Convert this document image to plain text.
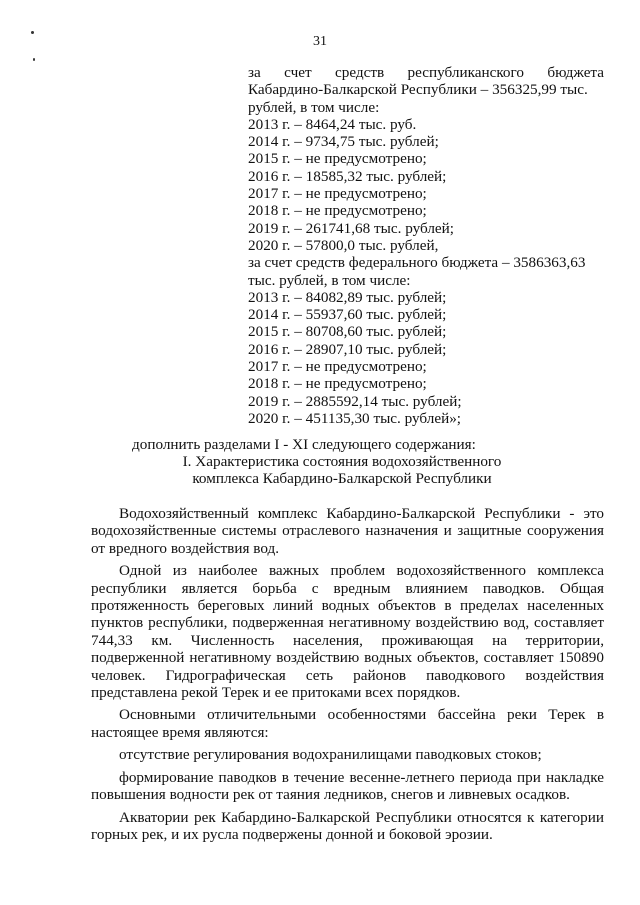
31
за счет средств республиканского бюджета
Кабардино-Балкарской Республики – 356325,99 тыс.
рублей, в том числе:
2013 г. – 8464,24 тыс. руб.
2014 г. – 9734,75 тыс. рублей;
2015 г. – не предусмотрено;
2016 г. – 18585,32 тыс. рублей;
2017 г. – не предусмотрено;
2018 г. – не предусмотрено;
2019 г. – 261741,68 тыс. рублей;
2020 г. – 57800,0 тыс. рублей,
за счет средств федерального бюджета – 3586363,63
тыс. рублей, в том числе:
2013 г. – 84082,89 тыс. рублей;
2014 г. – 55937,60 тыс. рублей;
2015 г. – 80708,60 тыс. рублей;
2016 г. – 28907,10 тыс. рублей;
2017 г. – не предусмотрено;
2018 г. – не предусмотрено;
2019 г. – 2885592,14 тыс. рублей;
2020 г. – 451135,30 тыс. рублей»;
дополнить разделами I - XI следующего содержания:
I. Характеристика состояния водохозяйственного
комплекса Кабардино-Балкарской Республики

Водохозяйственный комплекс Кабардино-Балкарской Республики - это водохозяйственные системы отраслевого назначения и защитные сооружения от вредного воздействия вод.

Одной из наиболее важных проблем водохозяйственного комплекса республики является борьба с вредным влиянием паводков. Общая протяженность береговых линий водных объектов в пределах населенных пунктов республики, подверженная негативному воздействию вод, составляет 744,33 км. Численность населения, проживающая на территории, подверженной негативному воздействию водных объектов, составляет 150890 человек. Гидрографическая сеть районов паводкового воздействия представлена рекой Терек и ее притоками всех порядков.

Основными отличительными особенностями бассейна реки Терек в настоящее время являются:

отсутствие регулирования водохранилищами паводковых стоков;

формирование паводков в течение весенне-летнего периода при накладке повышения водности рек от таяния ледников, снегов и ливневых осадков.

Акватории рек Кабардино-Балкарской Республики относятся к категории горных рек, и их русла подвержены донной и боковой эрозии.
